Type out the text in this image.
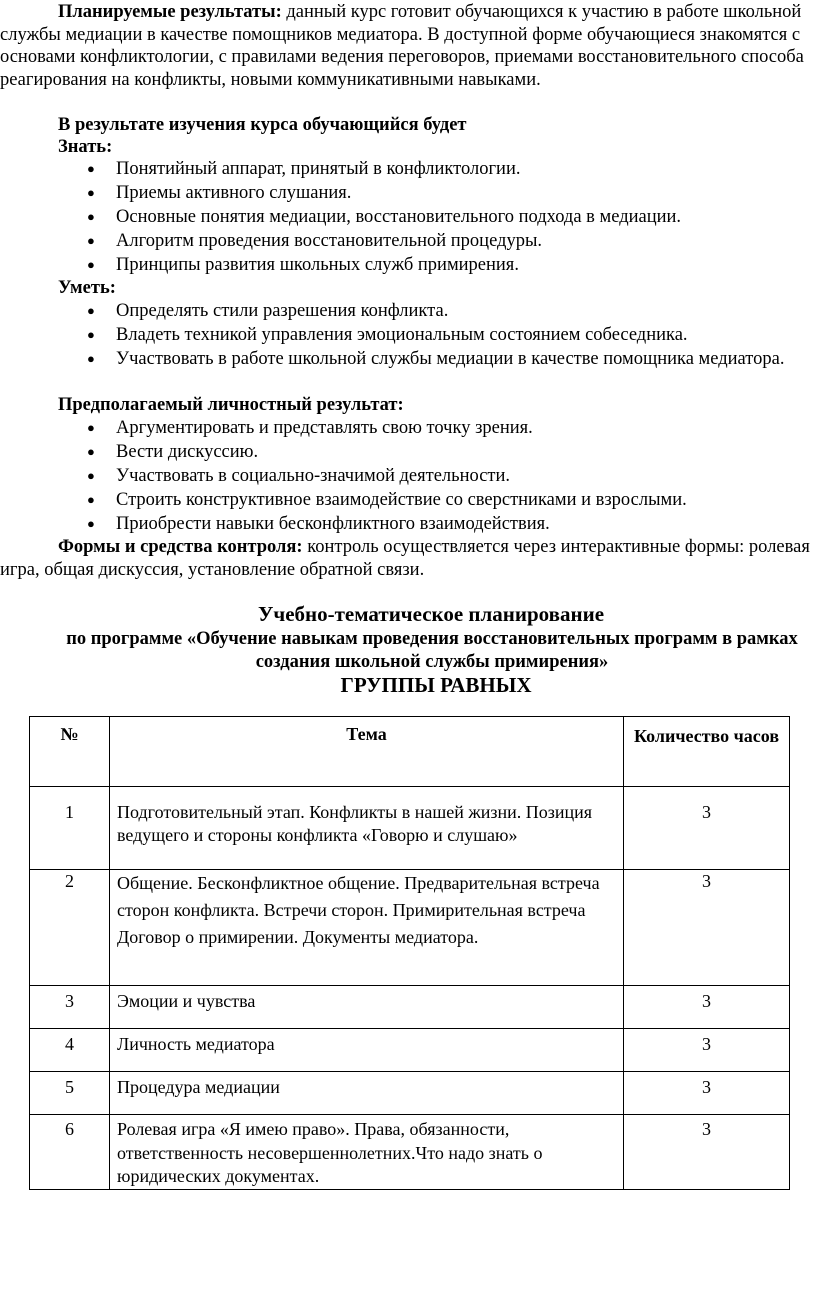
Планируемые результаты: данный курс готовит обучающихся к участию в работе школьной службы медиации в качестве помощников медиатора. В доступной форме обучающиеся знакомятся с основами конфликтологии, с правилами ведения переговоров, приемами восстановительного способа реагирования на конфликты, новыми коммуникативными навыками.
В результате изучения курса обучающийся будет
Знать:
● Понятийный аппарат, принятый в конфликтологии.
● Приемы активного слушания.
● Основные понятия медиации, восстановительного подхода в медиации.
● Алгоритм проведения восстановительной процедуры.
● Принципы развития школьных служб примирения.
Уметь:
● Определять стили разрешения конфликта.
● Владеть техникой управления эмоциональным состоянием собеседника.
● Участвовать в работе школьной службы медиации в качестве помощника медиатора.
Предполагаемый личностный результат:
● Аргументировать и представлять свою точку зрения.
● Вести дискуссию.
● Участвовать в социально-значимой деятельности.
● Строить конструктивное взаимодействие со сверстниками и взрослыми.
● Приобрести навыки бесконфликтного взаимодействия.
Формы и средства контроля: контроль осуществляется через интерактивные формы: ролевая игра, общая дискуссия, установление обратной связи.
Учебно-тематическое планирование
по программе «Обучение навыкам проведения восстановительных программ в рамках создания школьной службы примирения»
ГРУППЫ РАВНЫХ
№	Тема	Количество часов

1	Подготовительный этап. Конфликты в нашей жизни. Позиция ведущего и стороны конфликта «Говорю и слушаю»	3
2	Общение. Бесконфликтное общение. Предварительная встреча сторон конфликта. Встречи сторон. Примирительная встреча Договор о примирении. Документы медиатора.	3
3	Эмоции и чувства	3
4	Личность медиатора	3
5	Процедура медиации	3
6	Ролевая игра «Я имею право». Права, обязанности, ответственность несовершеннолетних.Что надо знать о юридических документах.	3
